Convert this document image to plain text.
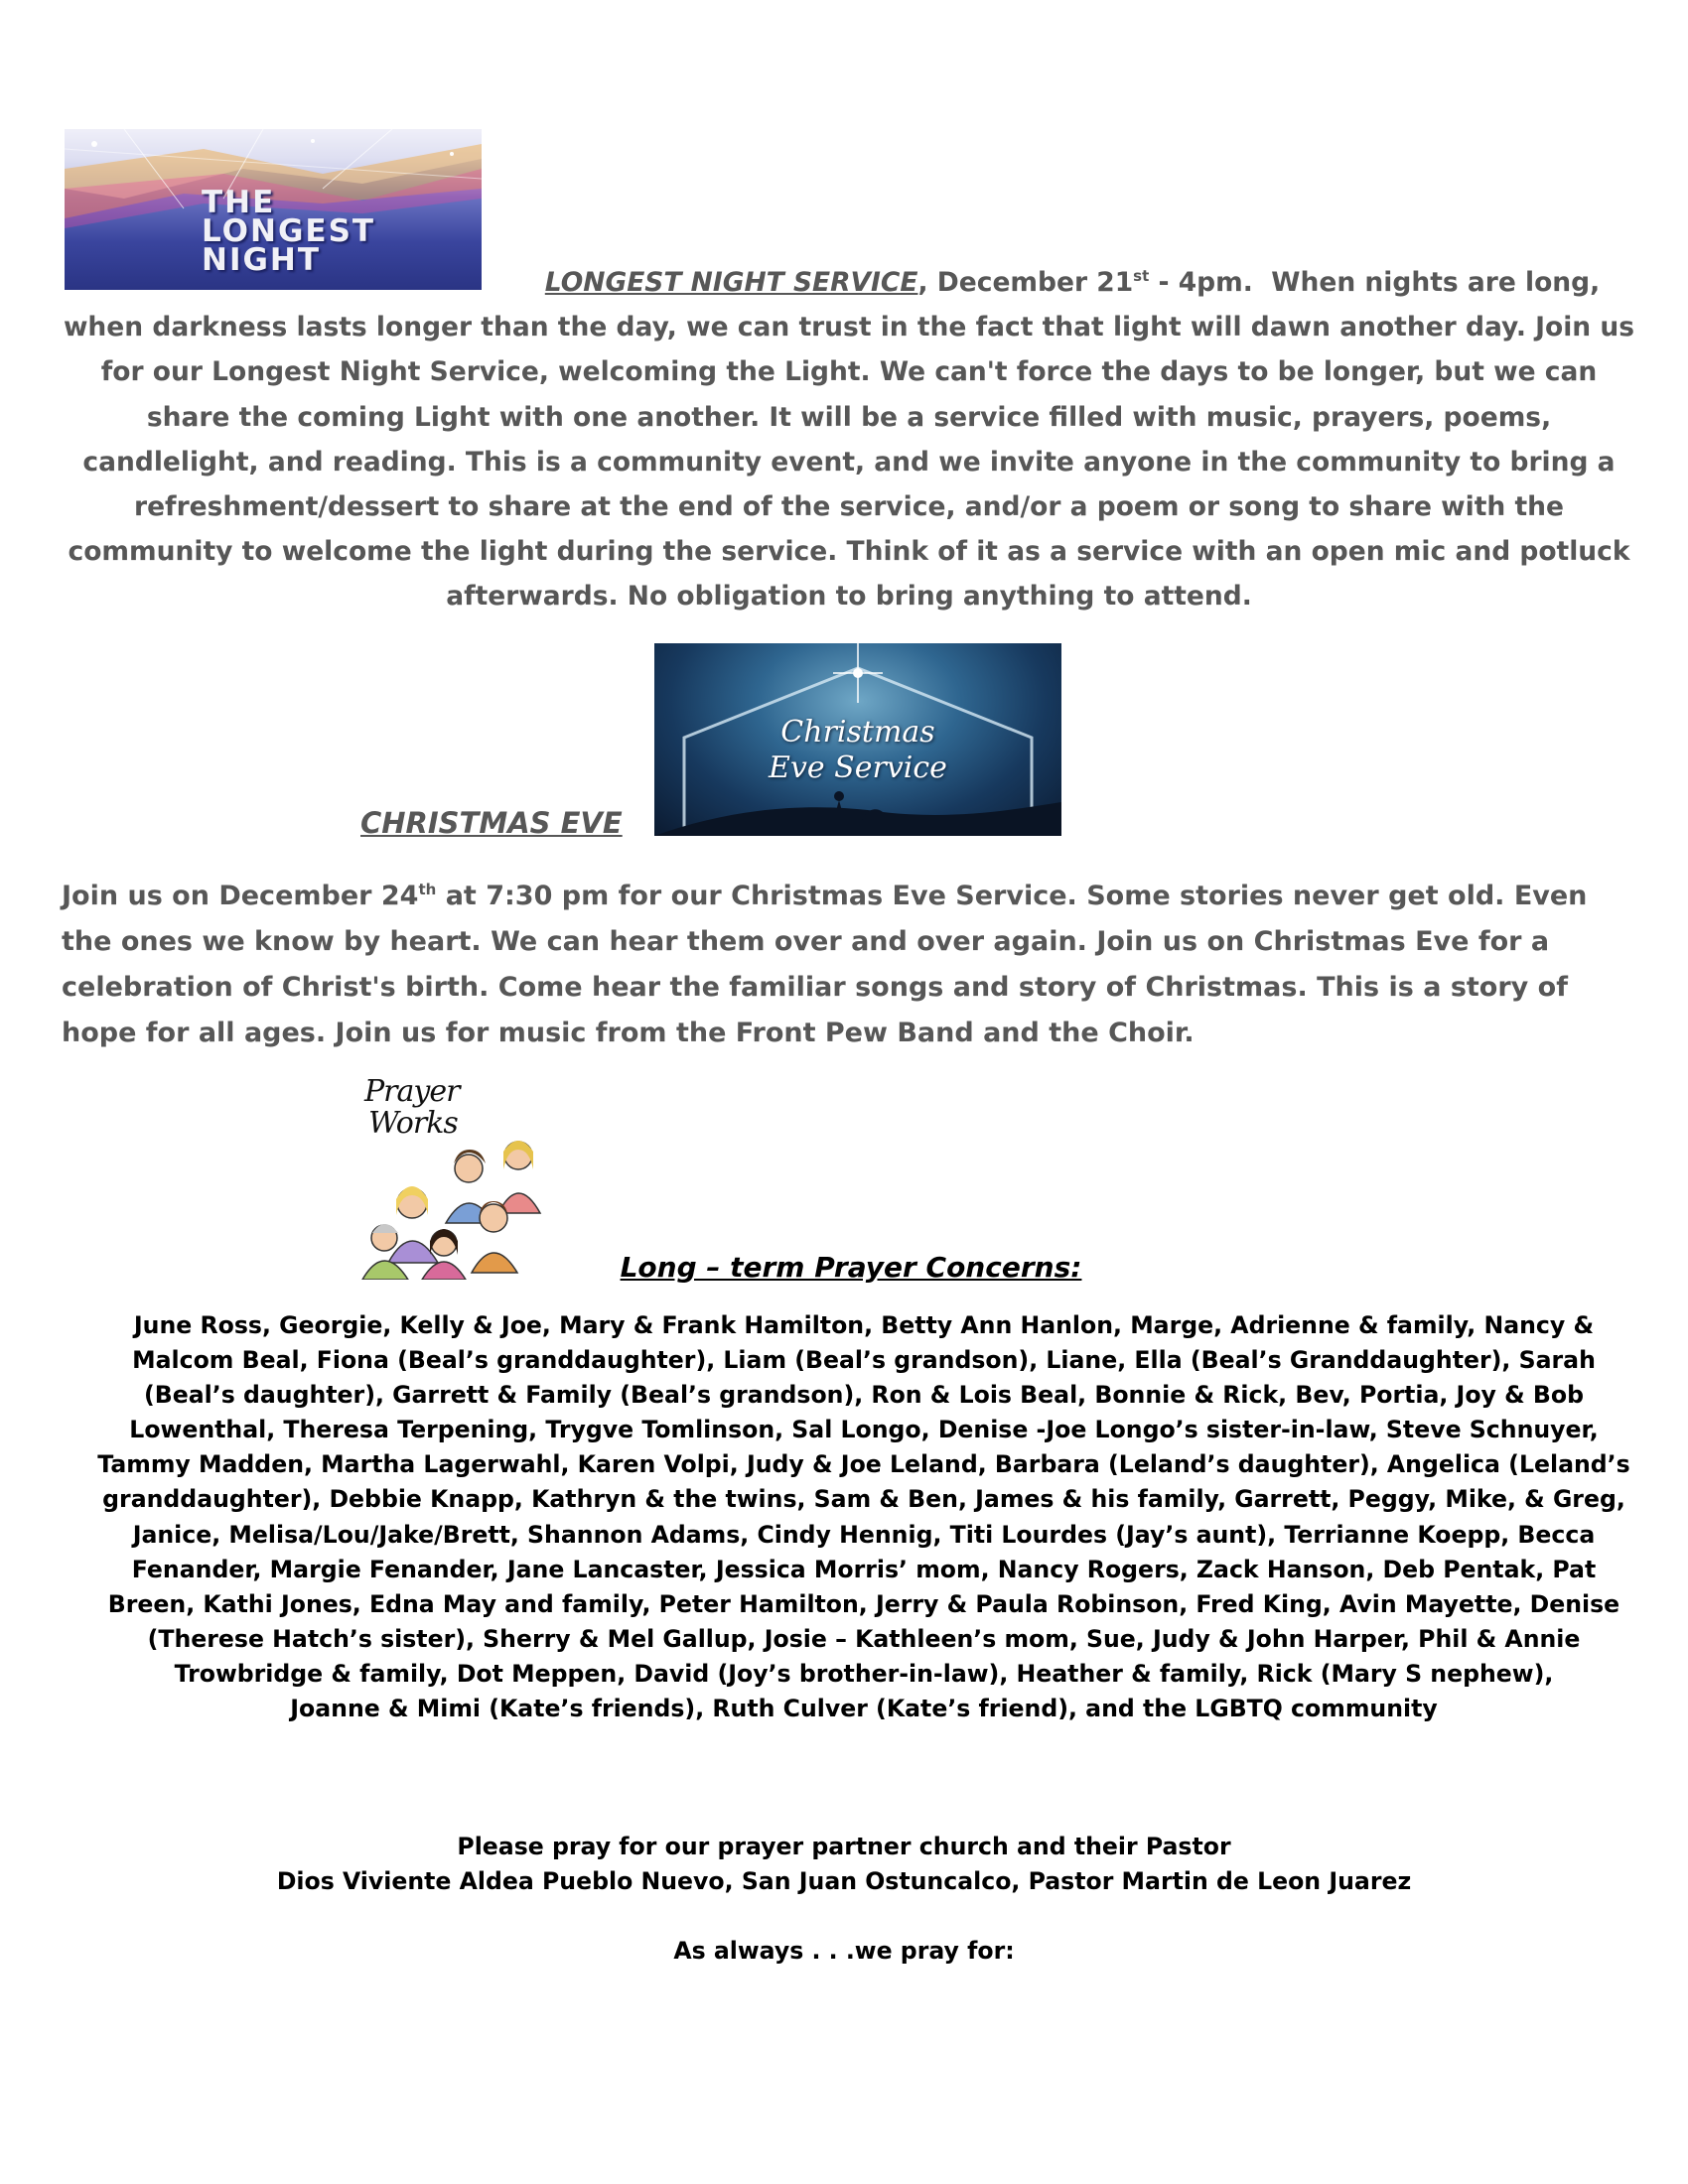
THE
LONGEST
NIGHT
LONGEST NIGHT SERVICE, December 21st - 4pm. When nights are long, when darkness lasts longer than the day, we can trust in the fact that light will dawn another day. Join us for our Longest Night Service, welcoming the Light. We can't force the days to be longer, but we can share the coming Light with one another. It will be a service filled with music, prayers, poems, candlelight, and reading. This is a community event, and we invite anyone in the community to bring a refreshment/dessert to share at the end of the service, and/or a poem or song to share with the community to welcome the light during the service. Think of it as a service with an open mic and potluck afterwards. No obligation to bring anything to attend.
Christmas
Eve Service
CHRISTMAS EVE
Join us on December 24th at 7:30 pm for our Christmas Eve Service. Some stories never get old. Even the ones we know by heart. We can hear them over and over again. Join us on Christmas Eve for a celebration of Christ's birth. Come hear the familiar songs and story of Christmas. This is a story of hope for all ages. Join us for music from the Front Pew Band and the Choir.
Prayer
Works
Long – term Prayer Concerns:
June Ross, Georgie, Kelly & Joe, Mary & Frank Hamilton, Betty Ann Hanlon, Marge, Adrienne & family, Nancy & Malcom Beal, Fiona (Beal’s granddaughter), Liam (Beal’s grandson), Liane, Ella (Beal’s Granddaughter), Sarah (Beal’s daughter), Garrett & Family (Beal’s grandson), Ron & Lois Beal, Bonnie & Rick, Bev, Portia, Joy & Bob Lowenthal, Theresa Terpening, Trygve Tomlinson, Sal Longo, Denise -Joe Longo’s sister-in-law, Steve Schnuyer, Tammy Madden, Martha Lagerwahl, Karen Volpi, Judy & Joe Leland, Barbara (Leland’s daughter), Angelica (Leland’s granddaughter), Debbie Knapp, Kathryn & the twins, Sam & Ben, James & his family, Garrett, Peggy, Mike, & Greg, Janice, Melisa/Lou/Jake/Brett, Shannon Adams, Cindy Hennig, Titi Lourdes (Jay’s aunt), Terrianne Koepp, Becca Fenander, Margie Fenander, Jane Lancaster, Jessica Morris’ mom, Nancy Rogers, Zack Hanson, Deb Pentak, Pat Breen, Kathi Jones, Edna May and family, Peter Hamilton, Jerry & Paula Robinson, Fred King, Avin Mayette, Denise (Therese Hatch’s sister), Sherry & Mel Gallup, Josie – Kathleen’s mom, Sue, Judy & John Harper, Phil & Annie Trowbridge & family, Dot Meppen, David (Joy’s brother-in-law), Heather & family, Rick (Mary S nephew),
Joanne & Mimi (Kate’s friends), Ruth Culver (Kate’s friend), and the LGBTQ community
Please pray for our prayer partner church and their Pastor
Dios Viviente Aldea Pueblo Nuevo, San Juan Ostuncalco, Pastor Martin de Leon Juarez
As always . . .we pray for:
